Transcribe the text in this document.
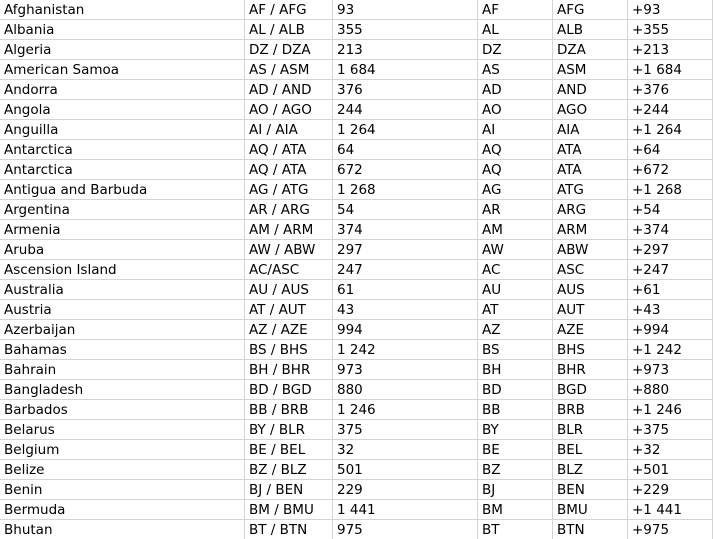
Afghanistan	AF / AFG	93	AF	AFG	+93
Albania	AL / ALB	355	AL	ALB	+355
Algeria	DZ / DZA	213	DZ	DZA	+213
American Samoa	AS / ASM	1 684	AS	ASM	+1 684
Andorra	AD / AND	376	AD	AND	+376
Angola	AO / AGO	244	AO	AGO	+244
Anguilla	AI / AIA	1 264	AI	AIA	+1 264
Antarctica	AQ / ATA	64	AQ	ATA	+64
Antarctica	AQ / ATA	672	AQ	ATA	+672
Antigua and Barbuda	AG / ATG	1 268	AG	ATG	+1 268
Argentina	AR / ARG	54	AR	ARG	+54
Armenia	AM / ARM	374	AM	ARM	+374
Aruba	AW / ABW	297	AW	ABW	+297
Ascension Island	AC/ASC	247	AC	ASC	+247
Australia	AU / AUS	61	AU	AUS	+61
Austria	AT / AUT	43	AT	AUT	+43
Azerbaijan	AZ / AZE	994	AZ	AZE	+994
Bahamas	BS / BHS	1 242	BS	BHS	+1 242
Bahrain	BH / BHR	973	BH	BHR	+973
Bangladesh	BD / BGD	880	BD	BGD	+880
Barbados	BB / BRB	1 246	BB	BRB	+1 246
Belarus	BY / BLR	375	BY	BLR	+375
Belgium	BE / BEL	32	BE	BEL	+32
Belize	BZ / BLZ	501	BZ	BLZ	+501
Benin	BJ / BEN	229	BJ	BEN	+229
Bermuda	BM / BMU	1 441	BM	BMU	+1 441
Bhutan	BT / BTN	975	BT	BTN	+975
